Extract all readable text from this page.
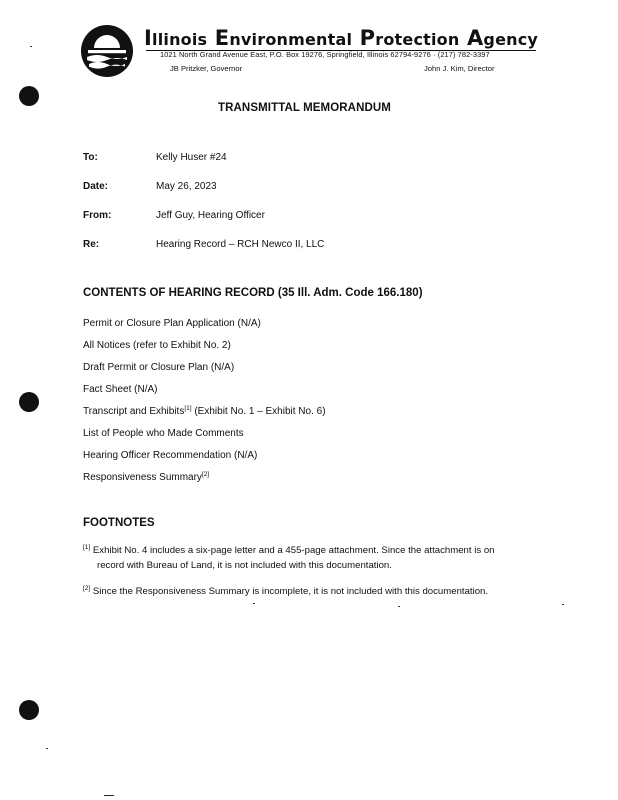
Illinois Environmental Protection Agency
1021 North Grand Avenue East, P.O. Box 19276, Springfield, Illinois 62794-9276 · (217) 782-3397
JB Pritzker, Governor	John J. Kim, Director
TRANSMITTAL MEMORANDUM
To:	Kelly Huser #24
Date:	May 26, 2023
From:	Jeff Guy, Hearing Officer
Re:	Hearing Record – RCH Newco II, LLC
CONTENTS OF HEARING RECORD (35 Ill. Adm. Code 166.180)
Permit or Closure Plan Application (N/A)
All Notices (refer to Exhibit No. 2)
Draft Permit or Closure Plan (N/A)
Fact Sheet (N/A)
Transcript and Exhibits[1] (Exhibit No. 1 – Exhibit No. 6)
List of People who Made Comments
Hearing Officer Recommendation (N/A)
Responsiveness Summary[2]
FOOTNOTES
[1] Exhibit No. 4 includes a six-page letter and a 455-page attachment. Since the attachment is on
record with Bureau of Land, it is not included with this documentation.
[2] Since the Responsiveness Summary is incomplete, it is not included with this documentation.
